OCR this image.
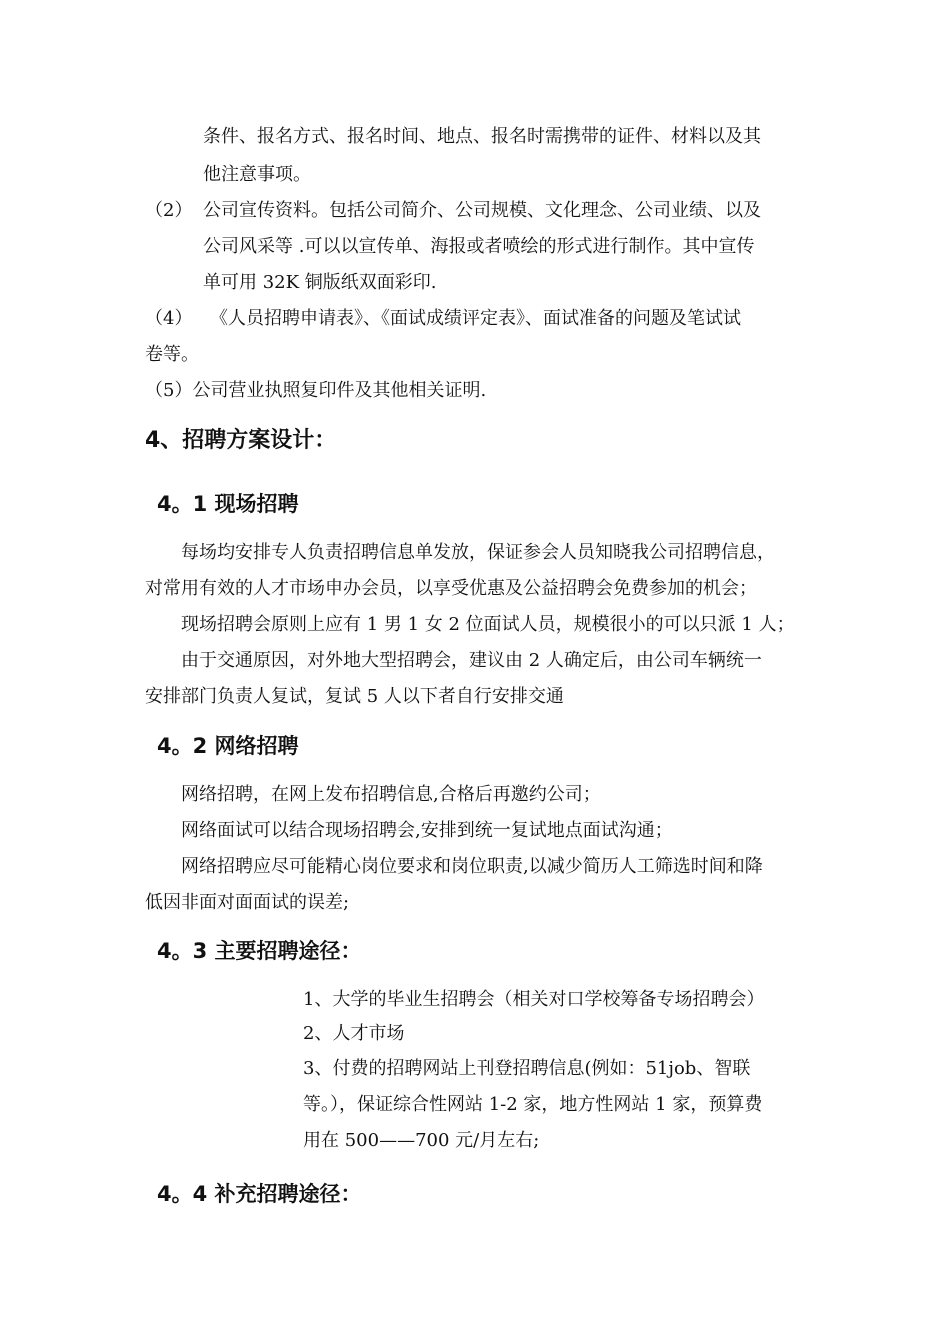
条件、报名方式、报名时间、地点、报名时需携带的证件、材料以及其
他注意事项。
（2） 公司宣传资料。包括公司简介、公司规模、文化理念、公司业绩、以及
公司风采等 .可以以宣传单、海报或者喷绘的形式进行制作。其中宣传
单可用 32K 铜版纸双面彩印.
（4） 《人员招聘申请表》、《面试成绩评定表》、面试准备的问题及笔试试
卷等。
（5）公司营业执照复印件及其他相关证明.
4、招聘方案设计：
4。1 现场招聘
每场均安排专人负责招聘信息单发放，保证参会人员知晓我公司招聘信息，
对常用有效的人才市场申办会员，以享受优惠及公益招聘会免费参加的机会；
现场招聘会原则上应有 1 男 1 女 2 位面试人员，规模很小的可以只派 1 人；
由于交通原因，对外地大型招聘会，建议由 2 人确定后，由公司车辆统一
安排部门负责人复试，复试 5 人以下者自行安排交通
4。2 网络招聘
网络招聘，在网上发布招聘信息,合格后再邀约公司；
网络面试可以结合现场招聘会,安排到统一复试地点面试沟通；
网络招聘应尽可能精心岗位要求和岗位职责,以减少简历人工筛选时间和降
低因非面对面面试的误差;
4。3 主要招聘途径：
1、大学的毕业生招聘会（相关对口学校筹备专场招聘会）
2、人才市场
3、付费的招聘网站上刊登招聘信息(例如：51job、智联
等。），保证综合性网站 1-2 家，地方性网站 1 家，预算费
用在 500——700 元/月左右;
4。4 补充招聘途径：
